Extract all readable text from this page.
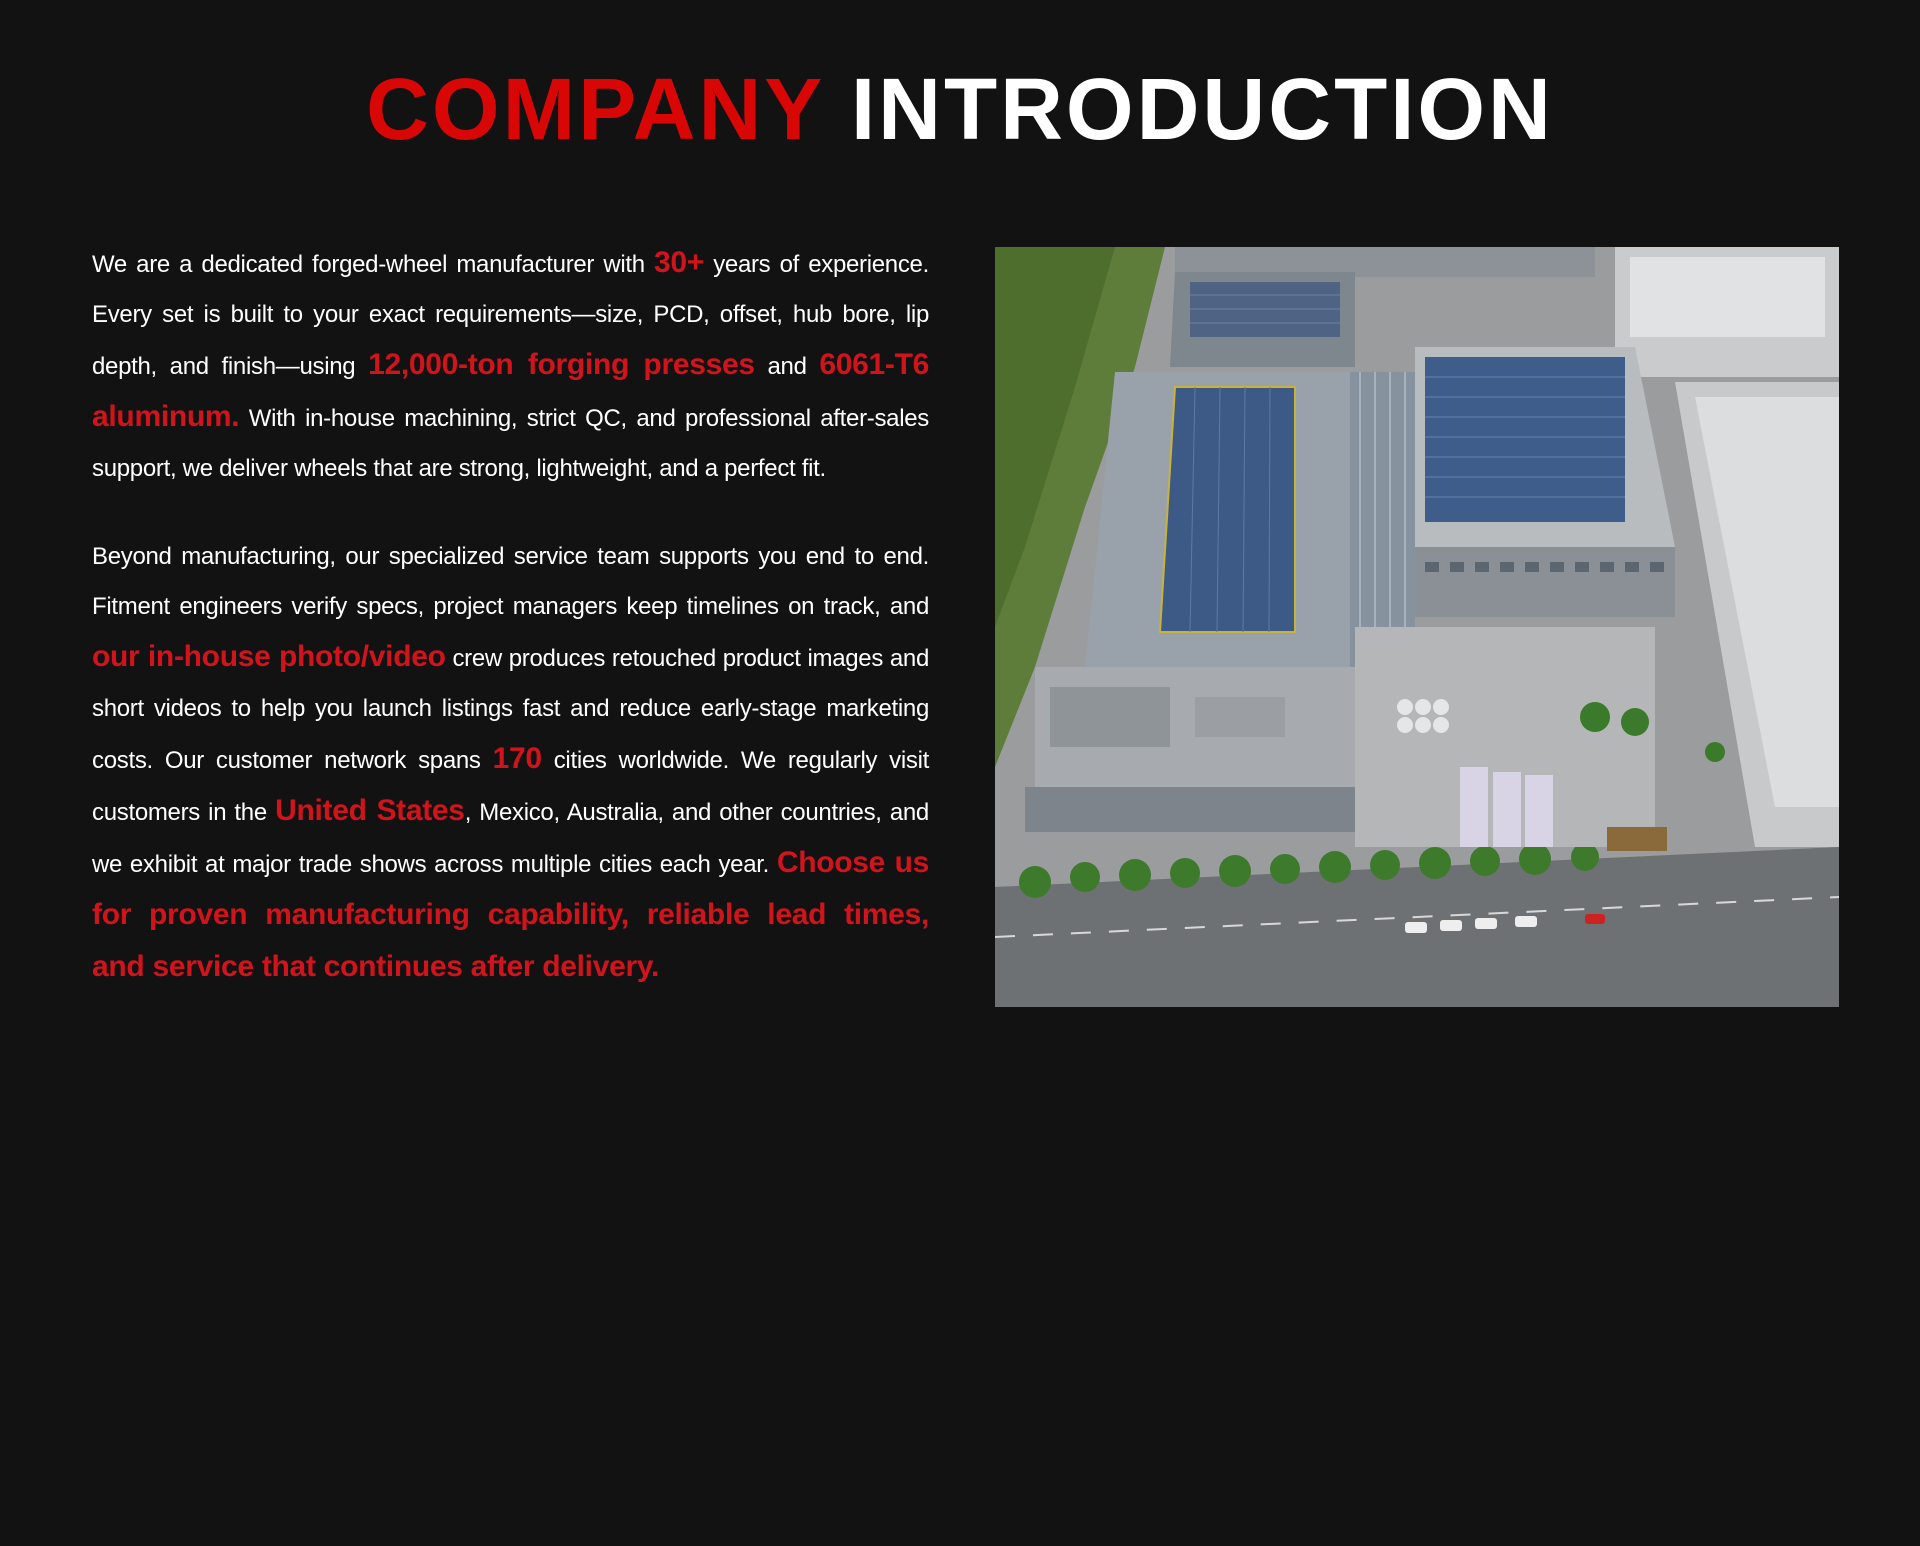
COMPANY INTRODUCTION

We are a dedicated forged-wheel manufacturer with 30+ years of experience. Every set is built to your exact requirements—size, PCD, offset, hub bore, lip depth, and finish—using 12,000-ton forging presses and 6061-T6 aluminum. With in-house machining, strict QC, and professional after-sales support, we deliver wheels that are strong, lightweight, and a perfect fit.

Beyond manufacturing, our specialized service team supports you end to end. Fitment engineers verify specs, project managers keep timelines on track, and our in-house photo/video crew produces retouched product images and short videos to help you launch listings fast and reduce early-stage marketing costs. Our customer network spans 170 cities worldwide. We regularly visit customers in the United States, Mexico, Australia, and other countries, and we exhibit at major trade shows across multiple cities each year. Choose us for proven manufacturing capability, reliable lead times, and service that continues after delivery.
